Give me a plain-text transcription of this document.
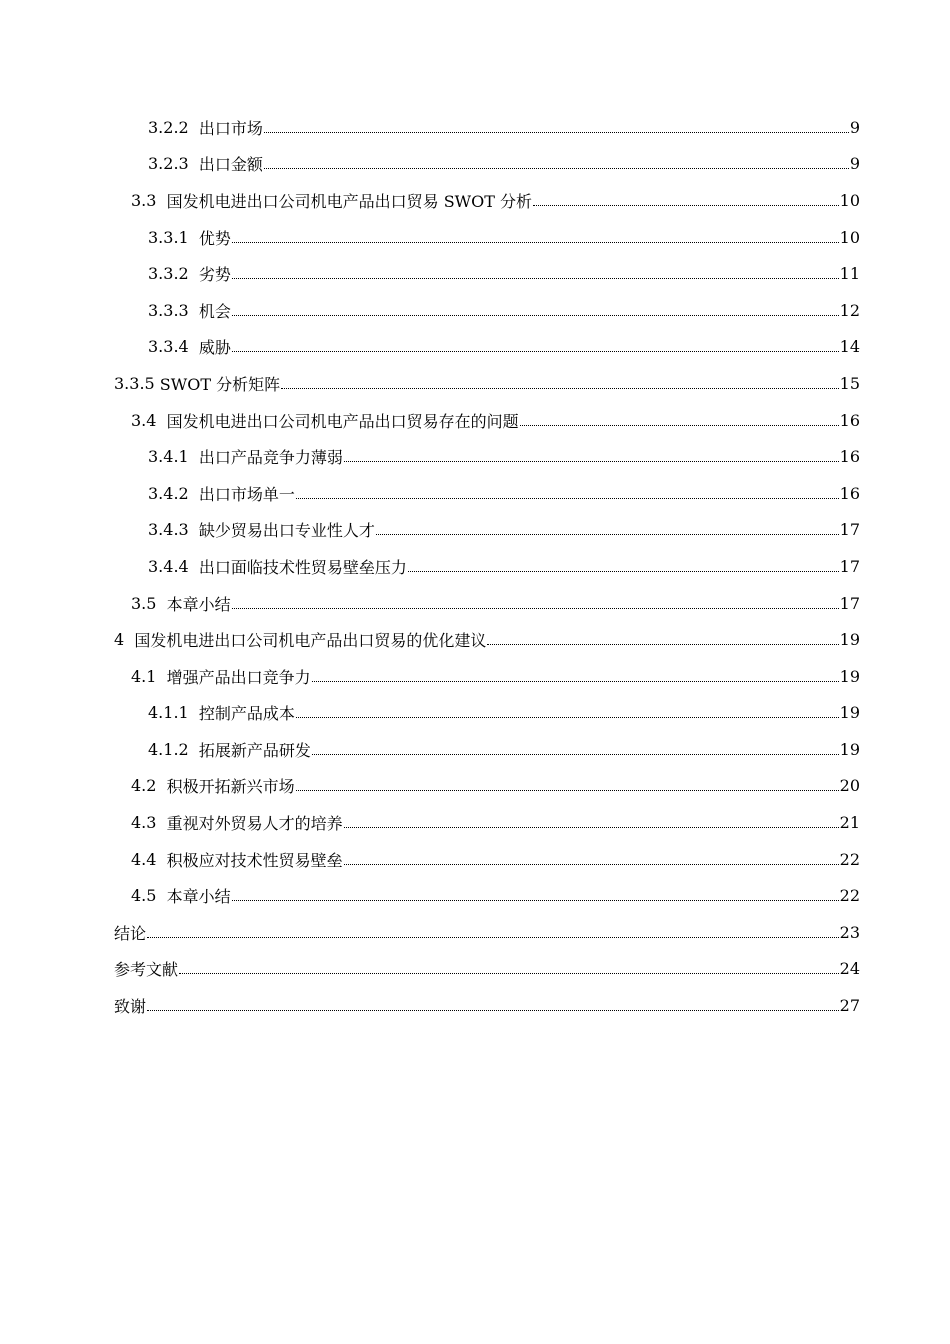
3.2.2 出口市场	9
3.2.3 出口金额	9
3.3 国发机电进出口公司机电产品出口贸易 SWOT 分析	10
3.3.1 优势	10
3.3.2 劣势	11
3.3.3 机会	12
3.3.4 威胁	14
3.3.5 SWOT 分析矩阵	15
3.4 国发机电进出口公司机电产品出口贸易存在的问题	16
3.4.1 出口产品竞争力薄弱	16
3.4.2 出口市场单一	16
3.4.3 缺少贸易出口专业性人才	17
3.4.4 出口面临技术性贸易壁垒压力	17
3.5 本章小结	17
4 国发机电进出口公司机电产品出口贸易的优化建议	19
4.1 增强产品出口竞争力	19
4.1.1 控制产品成本	19
4.1.2 拓展新产品研发	19
4.2 积极开拓新兴市场	20
4.3 重视对外贸易人才的培养	21
4.4 积极应对技术性贸易壁垒	22
4.5 本章小结	22
结论	23
参考文献	24
致谢	27
